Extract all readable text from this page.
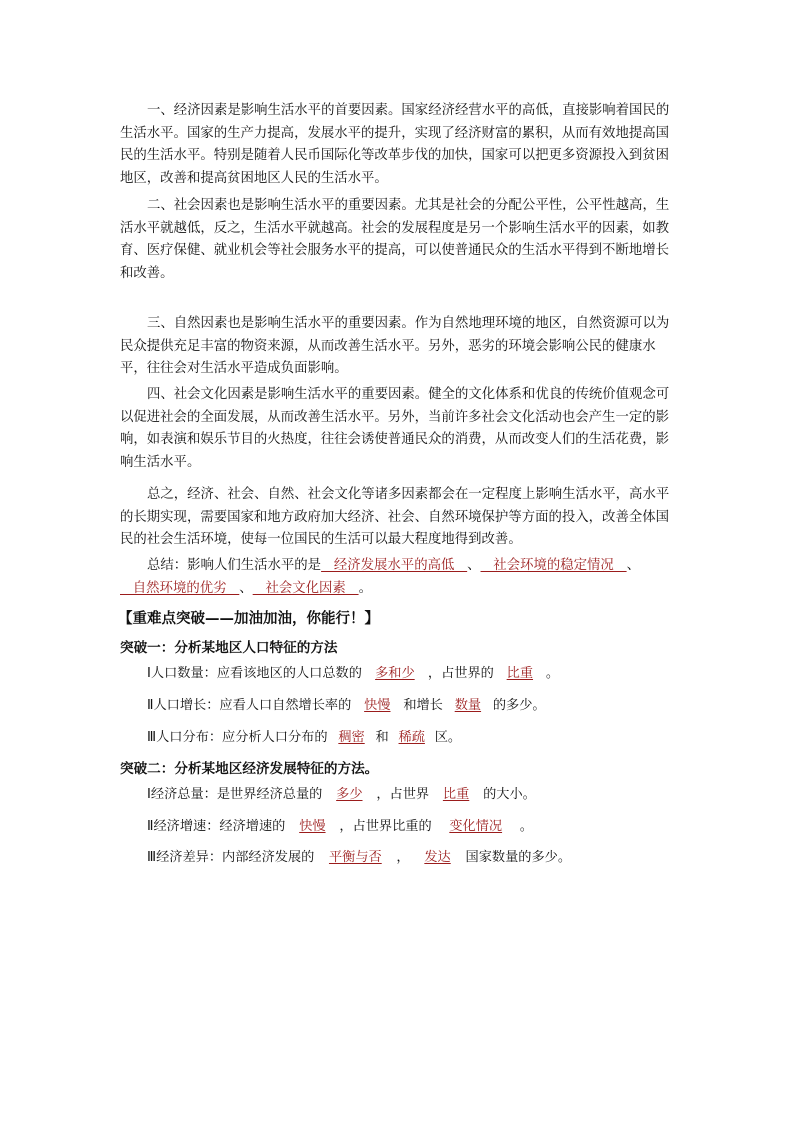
一、经济因素是影响生活水平的首要因素。国家经济经营水平的高低，直接影响着国民的生活水平。国家的生产力提高，发展水平的提升，实现了经济财富的累积，从而有效地提高国民的生活水平。特别是随着人民币国际化等改革步伐的加快，国家可以把更多资源投入到贫困地区，改善和提高贫困地区人民的生活水平。
二、社会因素也是影响生活水平的重要因素。尤其是社会的分配公平性，公平性越高，生活水平就越低，反之，生活水平就越高。社会的发展程度是另一个影响生活水平的因素，如教育、医疗保健、就业机会等社会服务水平的提高，可以使普通民众的生活水平得到不断地增长和改善。
三、自然因素也是影响生活水平的重要因素。作为自然地理环境的地区，自然资源可以为民众提供充足丰富的物资来源，从而改善生活水平。另外，恶劣的环境会影响公民的健康水平，往往会对生活水平造成负面影响。
四、社会文化因素是影响生活水平的重要因素。健全的文化体系和优良的传统价值观念可以促进社会的全面发展，从而改善生活水平。另外，当前许多社会文化活动也会产生一定的影响，如表演和娱乐节目的火热度，往往会诱使普通民众的消费，从而改变人们的生活花费，影响生活水平。
总之，经济、社会、自然、社会文化等诸多因素都会在一定程度上影响生活水平，高水平的长期实现，需要国家和地方政府加大经济、社会、自然环境保护等方面的投入，改善全体国民的社会生活环境，使每一位国民的生活可以最大程度地得到改善。
总结：影响人们生活水平的是   经济发展水平的高低   、   社会环境的稳定情况   、   自然环境的优劣   、   社会文化因素   。
【重难点突破——加油加油，你能行！】
突破一：分析某地区人口特征的方法
Ⅰ人口数量：应看该地区的人口总数的 多和少 ，占世界的 比重 。
Ⅱ人口增长：应看人口自然增长率的 快慢 和增长 数量 的多少。
Ⅲ人口分布：应分析人口分布的 稠密 和 稀疏 区。
突破二：分析某地区经济发展特征的方法。
Ⅰ经济总量：是世界经济总量的 多少 ，占世界 比重 的大小。
Ⅱ经济增速：经济增速的 快慢 ，占世界比重的 变化情况 。
Ⅲ经济差异：内部经济发展的 平衡与否 ， 发达 国家数量的多少。
